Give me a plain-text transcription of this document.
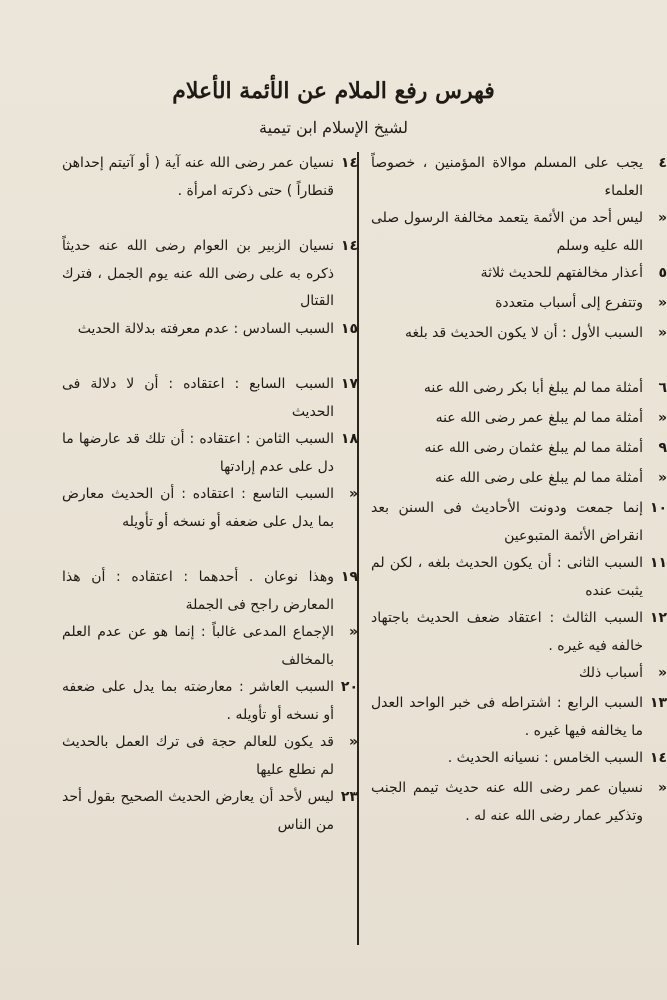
فهرس رفع الملام عن الأئمة الأعلام
لشيخ الإسلام ابن تيمية
٤
يجب على المسلم موالاة المؤمنين ، خصوصاً العلماء
«
ليس أحد من الأئمة يتعمد مخالفة الرسول صلى الله عليه وسلم
٥
أعذار مخالفتهم للحديث ثلاثة
«
وتتفرع إلى أسباب متعددة
«
السبب الأول : أن لا يكون الحديث قد بلغه
٦
أمثلة مما لم يبلغ أبا بكر رضى الله عنه
«
أمثلة مما لم يبلغ عمر رضى الله عنه
٩
أمثلة مما لم يبلغ عثمان رضى الله عنه
«
أمثلة مما لم يبلغ على رضى الله عنه
١٠
إنما جمعت ودونت الأحاديث فى السنن بعد انقراض الأئمة المتبوعين
١١
السبب الثانى : أن يكون الحديث بلغه ، لكن لم يثبت عنده
١٢
السبب الثالث : اعتقاد ضعف الحديث باجتهاد خالفه فيه غيره .
«
أسباب ذلك
١٣
السبب الرابع : اشتراطه فى خبر الواحد العدل ما يخالفه فيها غيره .
١٤
السبب الخامس : نسيانه الحديث .
«
نسيان عمر رضى الله عنه حديث تيمم الجنب وتذكير عمار رضى الله عنه له .
١٤
نسيان عمر رضى الله عنه آية ( أو آتيتم إحداهن قنطاراً ) حتى ذكرته امرأة .
١٤
نسيان الزبير بن العوام رضى الله عنه حديثاً ذكره به على رضى الله عنه يوم الجمل ، فترك القتال
١٥
السبب السادس : عدم معرفته بدلالة الحديث
١٧
السبب السابع : اعتقاده : أن لا دلالة فى الحديث
١٨
السبب الثامن : اعتقاده : أن تلك قد عارضها ما دل على عدم إرادتها
«
السبب التاسع : اعتقاده : أن الحديث معارض بما يدل على ضعفه أو نسخه أو تأويله
١٩
وهذا نوعان . أحدهما : اعتقاده : أن هذا المعارض راجح فى الجملة
«
الإجماع المدعى غالباً : إنما هو عن عدم العلم بالمخالف
٢٠
السبب العاشر : معارضته بما يدل على ضعفه أو نسخه أو تأويله .
«
قد يكون للعالم حجة فى ترك العمل بالحديث لم نطلع عليها
٢٣
ليس لأحد أن يعارض الحديث الصحيح بقول أحد من الناس
